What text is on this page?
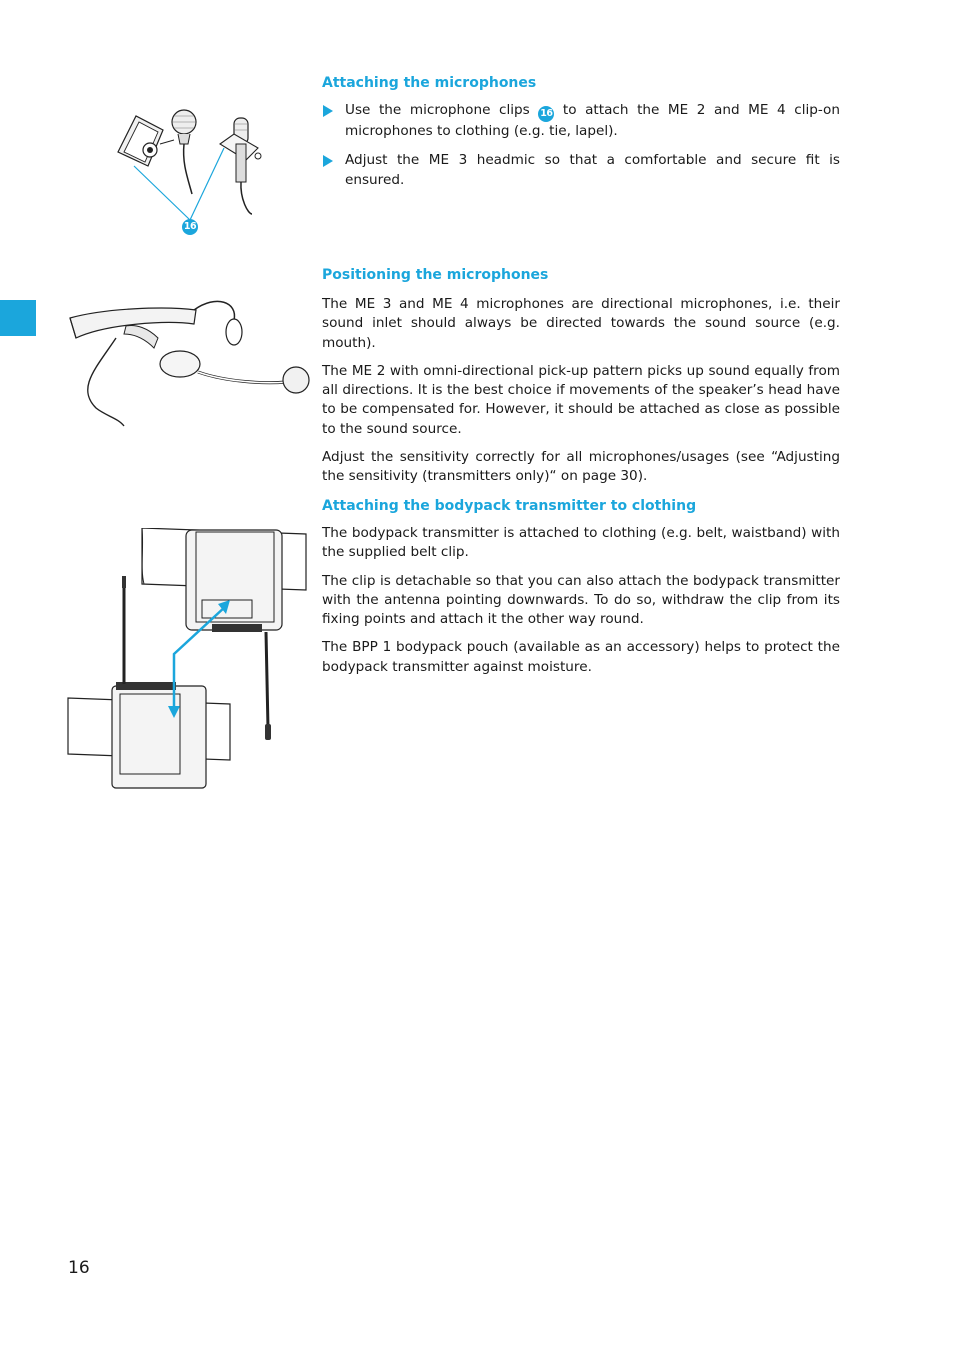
16
Attaching the microphones
Use the microphone clips 16 to attach the ME 2 and ME 4 clip-on microphones to clothing (e.g. tie, lapel).
Adjust the ME 3 headmic so that a comfortable and secure fit is ensured.
Positioning the microphones

The ME 3 and ME 4 microphones are directional microphones, i.e. their sound inlet should always be directed towards the sound source (e.g. mouth).

The ME 2 with omni-directional pick-up pattern picks up sound equally from all directions. It is the best choice if movements of the speaker’s head have to be compensated for. However, it should be attached as close as possible to the sound source.

Adjust the sensitivity correctly for all microphones/usages (see “Adjusting the sensitivity (transmitters only)“ on page 30).

Attaching the bodypack transmitter to clothing

The bodypack transmitter is attached to clothing (e.g. belt, waistband) with the supplied belt clip.

The clip is detachable so that you can also attach the bodypack transmitter with the antenna pointing downwards. To do so, withdraw the clip from its fixing points and attach it the other way round.

The BPP 1 bodypack pouch (available as an accessory) helps to protect the bodypack transmitter against moisture.

16
